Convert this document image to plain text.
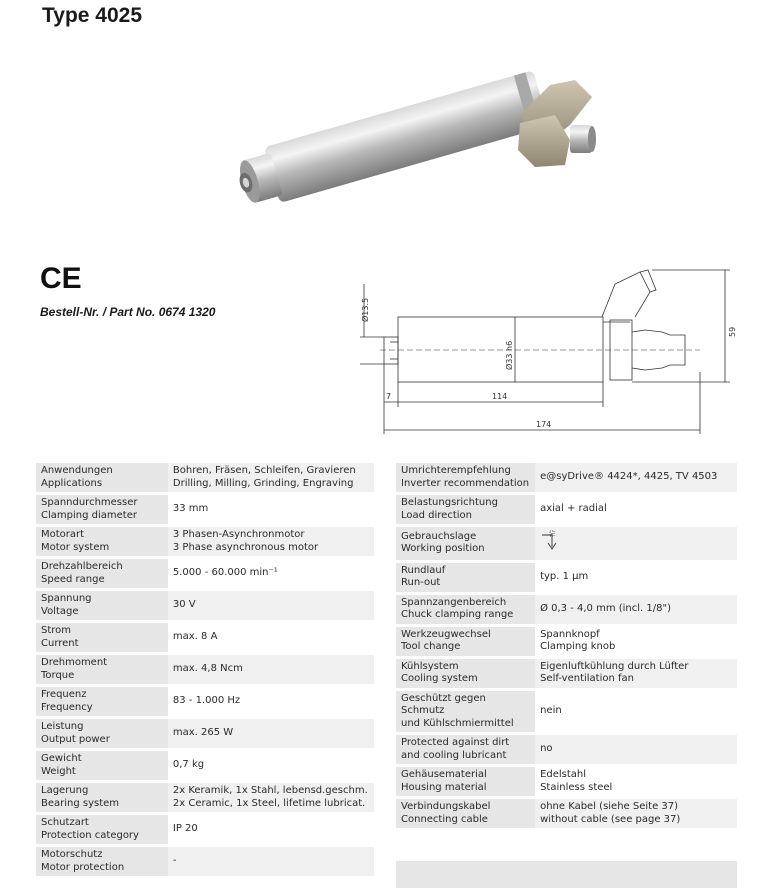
Type 4025
CE
Bestell-Nr. / Part No. 0674 1320	Ø13.5
Ø33 h6
59
7	114
174
Anwendungen
Applications	Bohren, Fräsen, Schleifen, Gravieren
Drilling, Milling, Grinding, Engraving

Spanndurchmesser
Clamping diameter	33 mm

Motorart
Motor system	3 Phasen-Asynchronmotor
3 Phase asynchronous motor

Drehzahlbereich
Speed range	5.000 - 60.000 min⁻¹

Spannung
Voltage	30 V

Strom
Current	max. 8 A

Drehmoment
Torque	max. 4,8 Ncm

Frequenz
Frequency	83 - 1.000 Hz

Leistung
Output power	max. 265 W

Gewicht
Weight	0,7 kg

Lagerung
Bearing system	2x Keramik, 1x Stahl, lebensd.geschm.
2x Ceramic, 1x Steel, lifetime lubricat.

Schutzart
Protection category	IP 20

Motorschutz
Motor protection	-
Umrichterempfehlung
Inverter recommendation	e@syDrive® 4424*, 4425, TV 4503

Belastungsrichtung
Load direction	axial + radial

Gebrauchslage
Working position

Rundlauf
Run-out	typ. 1 µm

Spannzangenbereich
Chuck clamping range	Ø 0,3 - 4,0 mm (incl. 1/8")

Werkzeugwechsel
Tool change	Spannknopf
Clamping knob

Kühlsystem
Cooling system	Eigenluftkühlung durch Lüfter
Self-ventilation fan

Geschützt gegen Schmutz
und Kühlschmiermittel	nein

Protected against dirt
and cooling lubricant	no

Gehäusematerial
Housing material	Edelstahl
Stainless steel

Verbindungskabel
Connecting cable	ohne Kabel (siehe Seite 37)
without cable (see page 37)
